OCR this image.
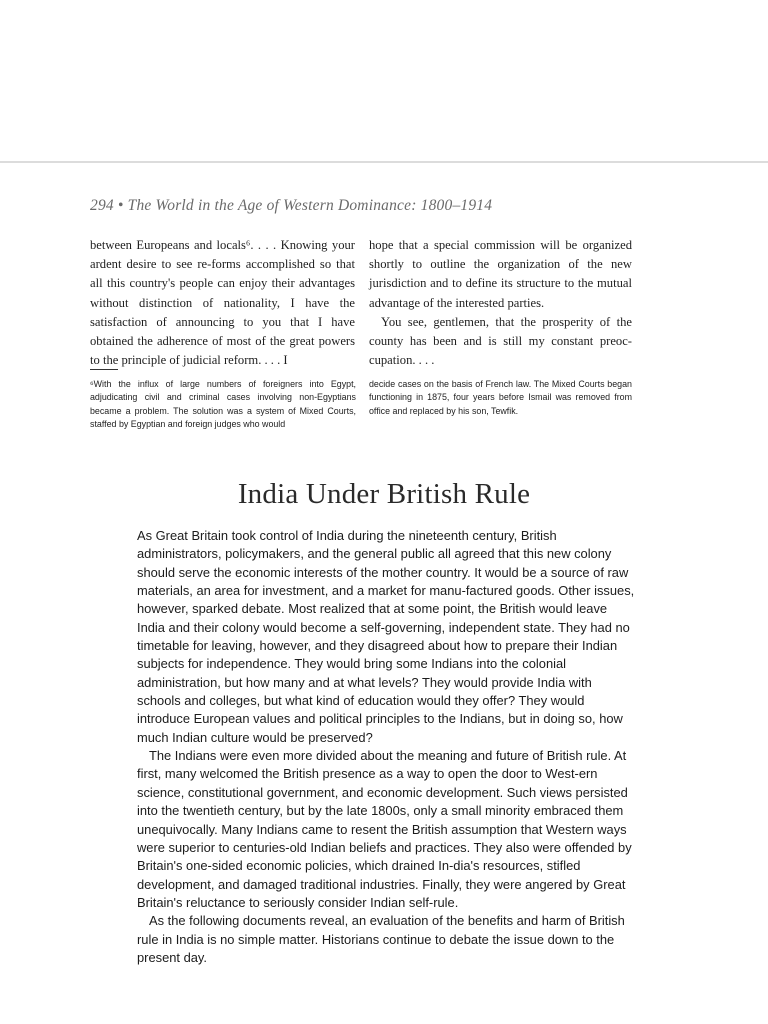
294 • The World in the Age of Western Dominance: 1800–1914

between Europeans and locals⁶. . . . Knowing your ardent desire to see re-forms accomplished so that all this country's people can enjoy their advantages without distinction of nationality, I have the satisfaction of announcing to you that I have obtained the adherence of most of the great powers to the principle of judicial reform. . . . I

hope that a special commission will be organized shortly to outline the organization of the new jurisdiction and to define its structure to the mutual advantage of the interested parties.

You see, gentlemen, that the prosperity of the county has been and is still my constant preoc-cupation. . . .

⁶With the influx of large numbers of foreigners into Egypt, adjudicating civil and criminal cases involving non-Egyptians became a problem. The solution was a system of Mixed Courts, staffed by Egyptian and foreign judges who would
decide cases on the basis of French law. The Mixed Courts began functioning in 1875, four years before Ismail was removed from office and replaced by his son, Tewfik.
India Under British Rule

As Great Britain took control of India during the nineteenth century, British administrators, policymakers, and the general public all agreed that this new colony should serve the economic interests of the mother country. It would be a source of raw materials, an area for investment, and a market for manu-factured goods. Other issues, however, sparked debate. Most realized that at some point, the British would leave India and their colony would become a self-governing, independent state. They had no timetable for leaving, however, and they disagreed about how to prepare their Indian subjects for independence. They would bring some Indians into the colonial administration, but how many and at what levels? They would provide India with schools and colleges, but what kind of education would they offer? They would introduce European values and political principles to the Indians, but in doing so, how much Indian culture would be preserved?

The Indians were even more divided about the meaning and future of British rule. At first, many welcomed the British presence as a way to open the door to West-ern science, constitutional government, and economic development. Such views persisted into the twentieth century, but by the late 1800s, only a small minority embraced them unequivocally. Many Indians came to resent the British assumption that Western ways were superior to centuries-old Indian beliefs and practices. They also were offended by Britain's one-sided economic policies, which drained In-dia's resources, stifled development, and damaged traditional industries. Finally, they were angered by Great Britain's reluctance to seriously consider Indian self-rule.

As the following documents reveal, an evaluation of the benefits and harm of British rule in India is no simple matter. Historians continue to debate the issue down to the present day.
